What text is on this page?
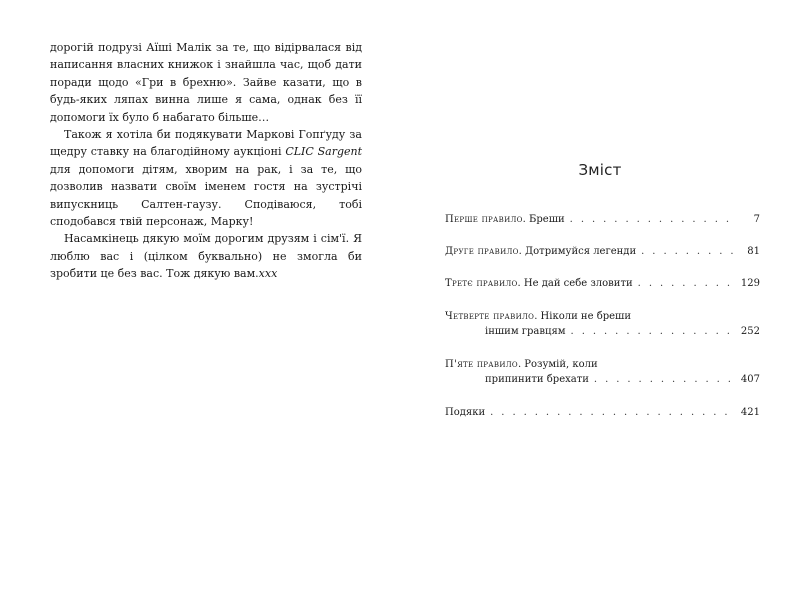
дорогій подрузі Аїші Малік за те, що відірвалася від написання власних книжок і знайшла час, щоб дати поради щодо «Гри в брехню». Зайве казати, що в будь-яких ляпах винна лише я сама, однак без її допомоги їх було б набагато більше…

Також я хотіла би подякувати Маркові Гопґуду за щедру ставку на благодійному аукціоні CLIC Sargent для допомоги дітям, хворим на рак, і за те, що дозволив назвати своїм іменем гостя на зустрічі випускниць Салтен-гаузу. Сподіваюся, тобі сподобався твій персонаж, Марку!

Насамкінець дякую моїм дорогим друзям і сім'ї. Я люблю вас і (цілком буквально) не змогла би зробити це без вас. Тож дякую вам.ххх

Зміст
Перше правило. Бреши . . .	7
Друге правило. Дотримуйся легенди . . .	81
Третє правило. Не дай себе зловити . . .	129
Четверте правило. Ніколи не бреши
іншим гравцям . . .	252
П'яте правило. Розумій, коли
припинити брехати . . .	407
Подяки . . .	421
